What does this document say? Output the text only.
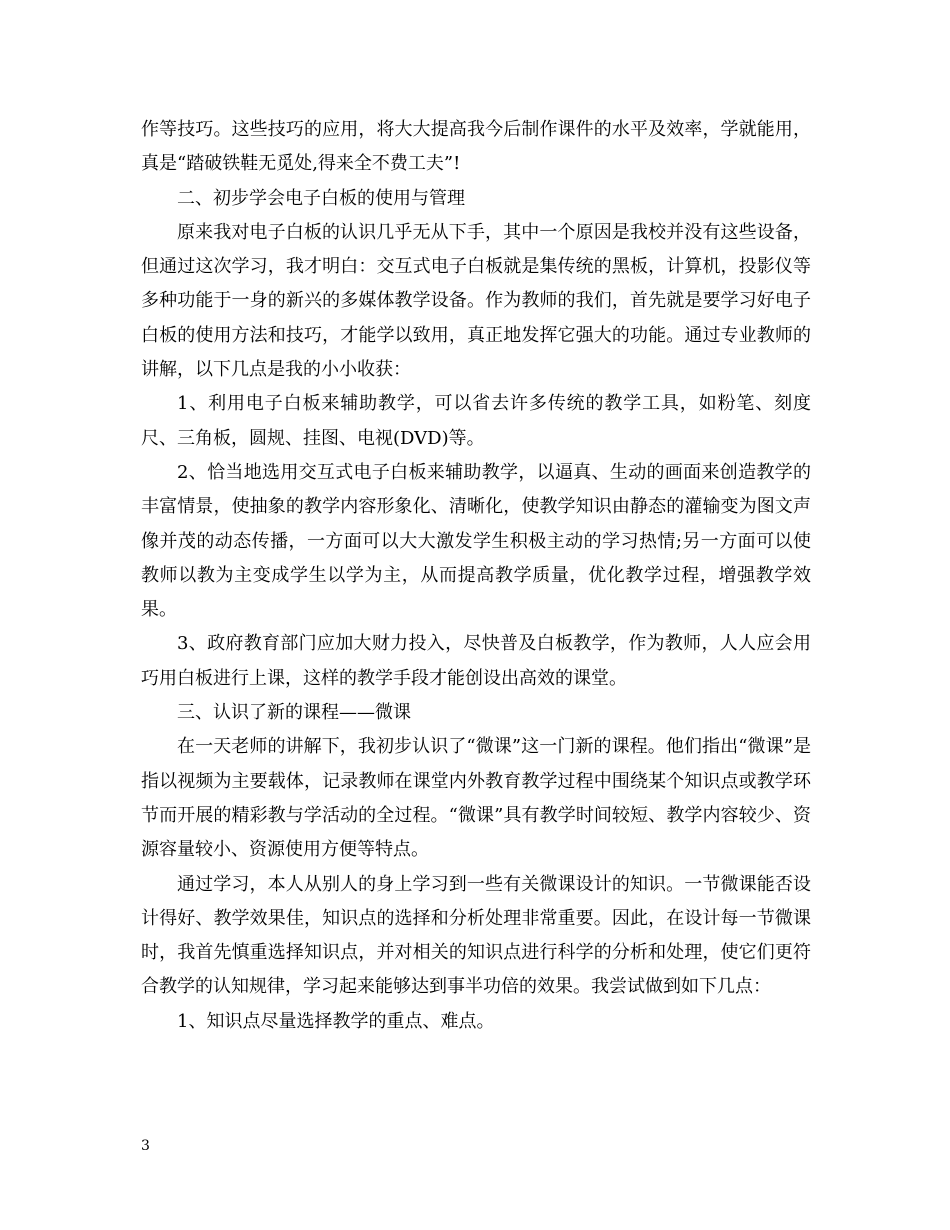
作等技巧。这些技巧的应用，将大大提高我今后制作课件的水平及效率，学就能用，真是“踏破铁鞋无觅处,得来全不费工夫”!

二、初步学会电子白板的使用与管理

原来我对电子白板的认识几乎无从下手，其中一个原因是我校并没有这些设备，但通过这次学习，我才明白：交互式电子白板就是集传统的黑板，计算机，投影仪等多种功能于一身的新兴的多媒体教学设备。作为教师的我们，首先就是要学习好电子白板的使用方法和技巧，才能学以致用，真正地发挥它强大的功能。通过专业教师的讲解，以下几点是我的小小收获：

1、利用电子白板来辅助教学，可以省去许多传统的教学工具，如粉笔、刻度尺、三角板，圆规、挂图、电视(DVD)等。

2、恰当地选用交互式电子白板来辅助教学，以逼真、生动的画面来创造教学的丰富情景，使抽象的教学内容形象化、清晰化，使教学知识由静态的灌输变为图文声像并茂的动态传播，一方面可以大大激发学生积极主动的学习热情;另一方面可以使教师以教为主变成学生以学为主，从而提高教学质量，优化教学过程，增强教学效果。

3、政府教育部门应加大财力投入，尽快普及白板教学，作为教师，人人应会用巧用白板进行上课，这样的教学手段才能创设出高效的课堂。

三、认识了新的课程——微课

在一天老师的讲解下，我初步认识了“微课”这一门新的课程。他们指出“微课”是指以视频为主要载体，记录教师在课堂内外教育教学过程中围绕某个知识点或教学环节而开展的精彩教与学活动的全过程。“微课”具有教学时间较短、教学内容较少、资源容量较小、资源使用方便等特点。

通过学习，本人从别人的身上学习到一些有关微课设计的知识。一节微课能否设计得好、教学效果佳，知识点的选择和分析处理非常重要。因此，在设计每一节微课时，我首先慎重选择知识点，并对相关的知识点进行科学的分析和处理，使它们更符合教学的认知规律，学习起来能够达到事半功倍的效果。我尝试做到如下几点：

1、知识点尽量选择教学的重点、难点。

3
